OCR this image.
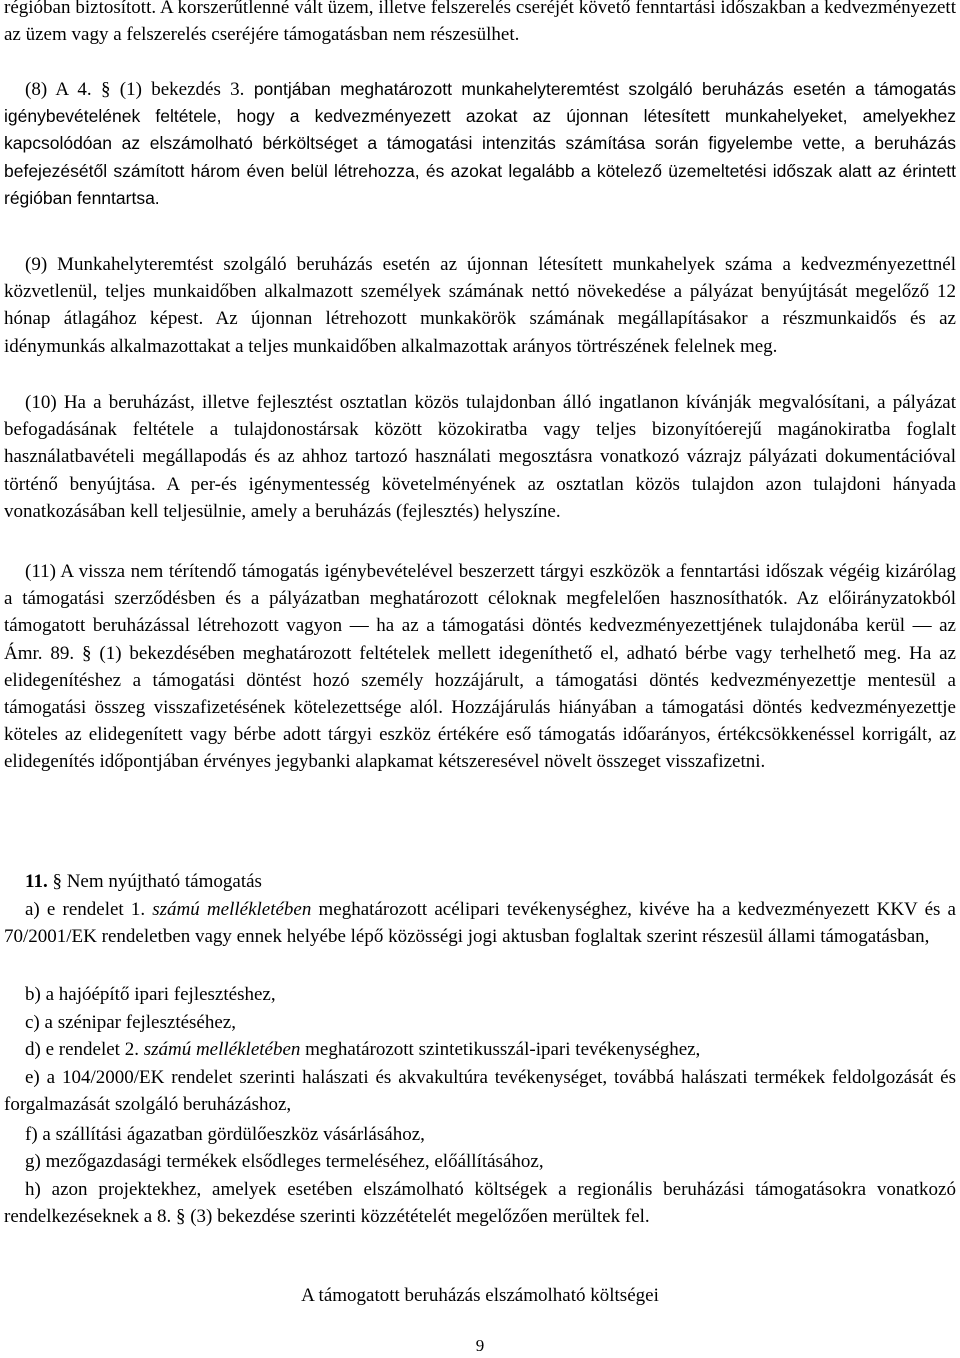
régióban biztosított. A korszerűtlenné vált üzem, illetve felszerelés cseréjét követő fenntartási időszakban a kedvezményezett az üzem vagy a felszerelés cseréjére támogatásban nem részesülhet.

(8) A 4. § (1) bekezdés 3. pontjában meghatározott munkahelyteremtést szolgáló beruházás esetén a támogatás igénybevételének feltétele, hogy a kedvezményezett azokat az újonnan létesített munkahelyeket, amelyekhez kapcsolódóan az elszámolható bérköltséget a támogatási intenzitás számítása során figyelembe vette, a beruházás befejezésétől számított három éven belül létrehozza, és azokat legalább a kötelező üzemeltetési időszak alatt az érintett régióban fenntartsa.

(9) Munkahelyteremtést szolgáló beruházás esetén az újonnan létesített munkahelyek száma a kedvezményezettnél közvetlenül, teljes munkaidőben alkalmazott személyek számának nettó növekedése a pályázat benyújtását megelőző 12 hónap átlagához képest. Az újonnan létrehozott munkakörök számának megállapításakor a részmunkaidős és az idénymunkás alkalmazottakat a teljes munkaidőben alkalmazottak arányos törtrészének felelnek meg.

(10) Ha a beruházást, illetve fejlesztést osztatlan közös tulajdonban álló ingatlanon kívánják megvalósítani, a pályázat befogadásának feltétele a tulajdonostársak között közokiratba vagy teljes bizonyítóerejű magánokiratba foglalt használatbavételi megállapodás és az ahhoz tartozó használati megosztásra vonatkozó vázrajz pályázati dokumentációval történő benyújtása. A per-és igénymentesség követelményének az osztatlan közös tulajdon azon tulajdoni hányada vonatkozásában kell teljesülnie, amely a beruházás (fejlesztés) helyszíne.

(11) A vissza nem térítendő támogatás igénybevételével beszerzett tárgyi eszközök a fenntartási időszak végéig kizárólag a támogatási szerződésben és a pályázatban meghatározott céloknak megfelelően hasznosíthatók. Az előirányzatokból támogatott beruházással létrehozott vagyon ― ha az a támogatási döntés kedvezményezettjének tulajdonába kerül ― az Ámr. 89. § (1) bekezdésében meghatározott feltételek mellett idegeníthető el, adható bérbe vagy terhelhető meg. Ha az elidegenítéshez a támogatási döntést hozó személy hozzájárult, a támogatási döntés kedvezményezettje mentesül a támogatási összeg visszafizetésének kötelezettsége alól. Hozzájárulás hiányában a támogatási döntés kedvezményezettje köteles az elidegenített vagy bérbe adott tárgyi eszköz értékére eső támogatás időarányos, értékcsökkenéssel korrigált, az elidegenítés időpontjában érvényes jegybanki alapkamat kétszeresével növelt összeget visszafizetni.

11. § Nem nyújtható támogatás

a) e rendelet 1. számú mellékletében meghatározott acélipari tevékenységhez, kivéve ha a kedvezményezett KKV és a 70/2001/EK rendeletben vagy ennek helyébe lépő közösségi jogi aktusban foglaltak szerint részesül állami támogatásban,

b) a hajóépítő ipari fejlesztéshez,

c) a szénipar fejlesztéséhez,

d) e rendelet 2. számú mellékletében meghatározott szintetikusszál-ipari tevékenységhez,

e) a 104/2000/EK rendelet szerinti halászati és akvakultúra tevékenységet, továbbá halászati termékek feldolgozását és forgalmazását szolgáló beruházáshoz,

f) a szállítási ágazatban gördülőeszköz vásárlásához,

g) mezőgazdasági termékek elsődleges termeléséhez, előállításához,

h) azon projektekhez, amelyek esetében elszámolható költségek a regionális beruházási támogatásokra vonatkozó rendelkezéseknek a 8. § (3) bekezdése szerinti közzétételét megelőzően merültek fel.

A támogatott beruházás elszámolható költségei
9
